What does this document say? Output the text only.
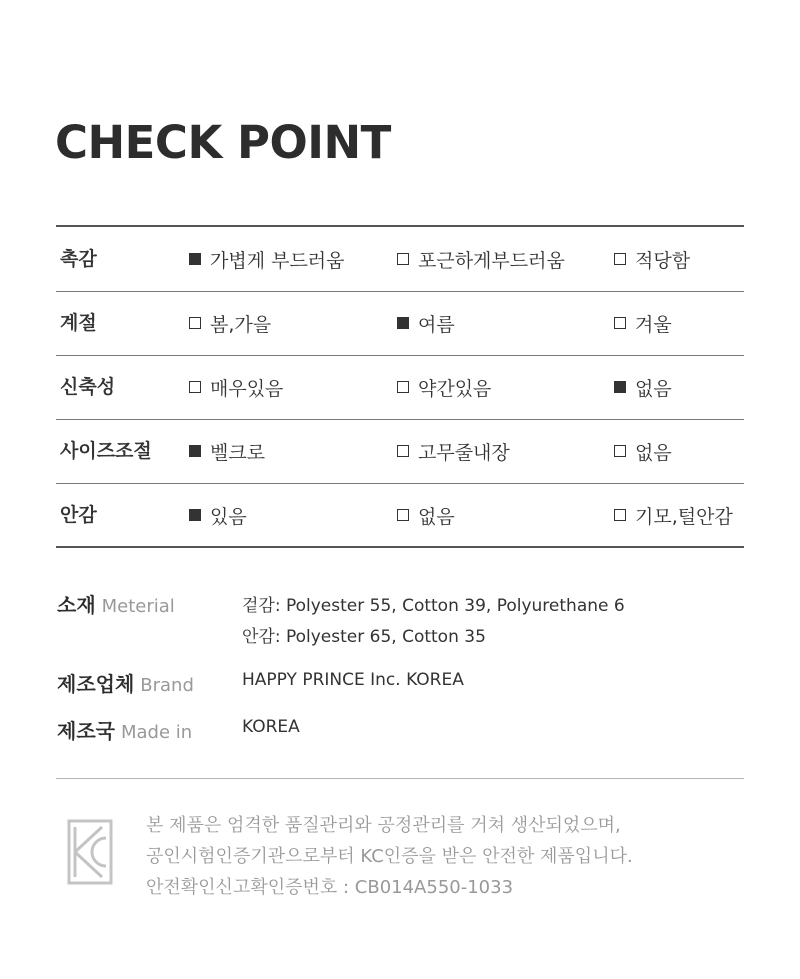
CHECK POINT
촉감	가볍게 부드러움	포근하게부드러움	적당함
계절	봄,가을	여름	겨울
신축성	매우있음	약간있음	없음
사이즈조절	벨크로	고무줄내장	없음
안감	있음	없음	기모,털안감
소재 Meterial	겉감: Polyester 55, Cotton 39, Polyurethane 6
안감: Polyester 65, Cotton 35
제조업체 Brand	HAPPY PRINCE Inc. KOREA
제조국 Made in	KOREA
본 제품은 엄격한 품질관리와 공정관리를 거쳐 생산되었으며,
공인시험인증기관으로부터 KC인증을 받은 안전한 제품입니다.
안전확인신고확인증번호 : CB014A550-1033
